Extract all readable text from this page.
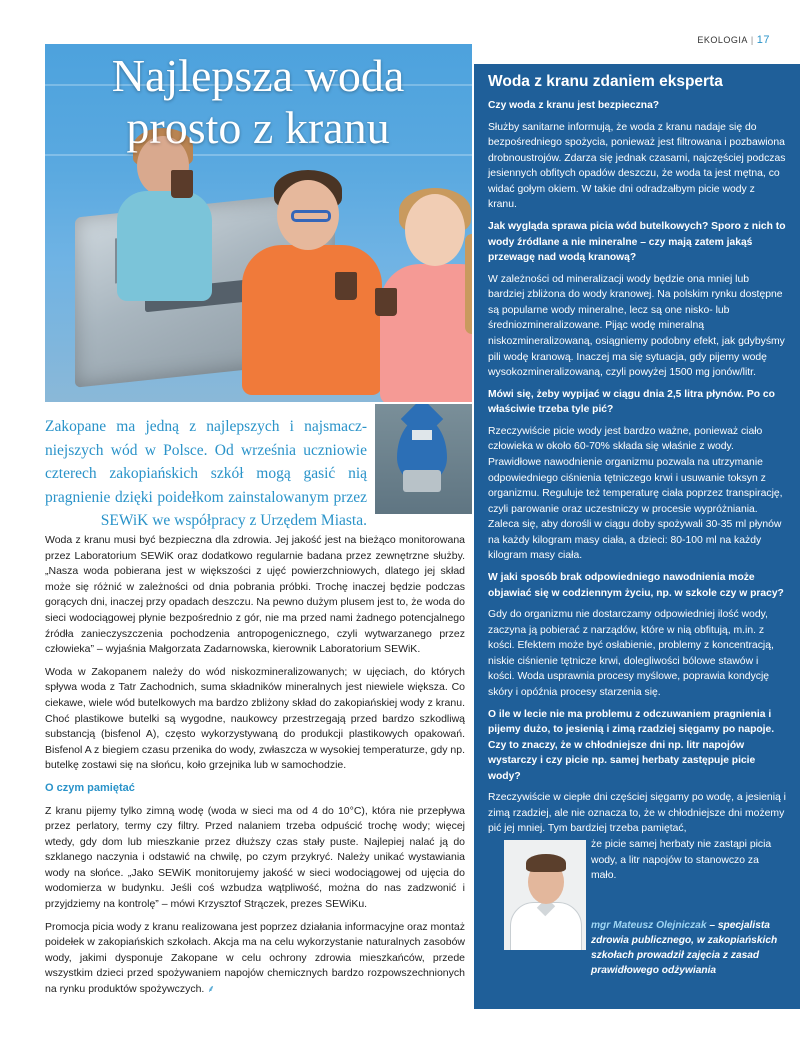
EKOLOGIA | 17
Najlepsza woda
prosto z kranu
Zakopane ma jedną z najlepszych i najsmacz-niejszych wód w Polsce. Od września uczniowie czterech zakopiańskich szkół mogą gasić nią pragnienie dzięki poidełkom zainstalowanym przez SEWiK we współpracy z Urzędem Miasta.

Woda z kranu musi być bezpieczna dla zdrowia. Jej jakość jest na bieżąco monitorowana przez Laboratorium SEWiK oraz dodatkowo regularnie badana przez zewnętrzne służby. „Nasza woda pobierana jest w większości z ujęć powierzchniowych, dlatego jej skład może się różnić w zależności od dnia pobrania próbki. Trochę inaczej będzie podczas gorących dni, inaczej przy opadach deszczu. Na pewno dużym plusem jest to, że woda do sieci wodociągowej płynie bezpośrednio z gór, nie ma przed nami żadnego potencjalnego źródła zanieczyszczenia pochodzenia antropogenicznego, czyli wytwarzanego przez człowieka” – wyjaśnia Małgorzata Zadarnowska, kierownik Laboratorium SEWiK.

Woda w Zakopanem należy do wód niskozmineralizowanych; w ujęciach, do których spływa woda z Tatr Zachodnich, suma składników mineralnych jest niewiele większa. Co ciekawe, wiele wód butelkowych ma bardzo zbliżony skład do zakopiańskiej wody z kranu. Choć plastikowe butelki są wygodne, naukowcy przestrzegają przed bardzo szkodliwą substancją (bisfenol A), często wykorzystywaną do produkcji plastikowych opakowań. Bisfenol A z biegiem czasu przenika do wody, zwłaszcza w wysokiej temperaturze, gdy np. butelkę zostawi się na słońcu, koło grzejnika lub w samochodzie.

O czym pamiętać

Z kranu pijemy tylko zimną wodę (woda w sieci ma od 4 do 10°C), która nie przepływa przez perlatory, termy czy filtry. Przed nalaniem trzeba odpuścić trochę wody; więcej wtedy, gdy dom lub mieszkanie przez dłuższy czas stały puste. Najlepiej nalać ją do szklanego naczynia i odstawić na chwilę, po czym przykryć. Należy unikać wystawiania wody na słońce. „Jako SEWiK monitorujemy jakość w sieci wodociągowej od ujęcia do wodomierza w budynku. Jeśli coś wzbudza wątpliwość, można do nas zadzwonić i przyjdziemy na kontrolę” – mówi Krzysztof Strączek, prezes SEWiKu.

Promocja picia wody z kranu realizowana jest poprzez działania informacyjne oraz montaż poidełek w zakopiańskich szkołach. Akcja ma na celu wykorzystanie naturalnych zasobów wody, jakimi dysponuje Zakopane w celu ochrony zdrowia mieszkańców, przede wszystkim dzieci przed spożywaniem napojów chemicznych bardzo rozpowszechnionych na rynku produktów spożywczych. ⸙

Woda z kranu zdaniem eksperta
Czy woda z kranu jest bezpieczna?
Służby sanitarne informują, że woda z kranu nadaje się do bezpośredniego spożycia, ponieważ jest filtrowana i pozbawiona drobnoustrojów. Zdarza się jednak czasami, najczęściej podczas jesiennych obfitych opadów deszczu, że woda ta jest mętna, co widać gołym okiem. W takie dni odradzałbym picie wody z kranu.
Jak wygląda sprawa picia wód butelkowych? Sporo z nich to wody źródlane a nie mineralne – czy mają zatem jakąś przewagę nad wodą kranową?
W zależności od mineralizacji wody będzie ona mniej lub bardziej zbliżona do wody kranowej. Na polskim rynku dostępne są popularne wody mineralne, lecz są one nisko- lub średniozmineralizowane. Pijąc wodę mineralną niskozmineralizowaną, osiągniemy podobny efekt, jak gdybyśmy pili wodę kranową. Inaczej ma się sytuacja, gdy pijemy wodę wysokozmineralizowaną, czyli powyżej 1500 mg jonów/litr.
Mówi się, żeby wypijać w ciągu dnia 2,5 litra płynów. Po co właściwie trzeba tyle pić?
Rzeczywiście picie wody jest bardzo ważne, ponieważ ciało człowieka w około 60-70% składa się właśnie z wody. Prawidłowe nawodnienie organizmu pozwala na utrzymanie odpowiedniego ciśnienia tętniczego krwi i usuwanie toksyn z organizmu. Reguluje też temperaturę ciała poprzez transpirację, czyli parowanie oraz uczestniczy w procesie wypróżniania. Zaleca się, aby dorośli w ciągu doby spożywali 30-35 ml płynów na każdy kilogram masy ciała, a dzieci: 80-100 ml na każdy kilogram masy ciała.
W jaki sposób brak odpowiedniego nawodnienia może objawiać się w codziennym życiu, np. w szkole czy w pracy?
Gdy do organizmu nie dostarczamy odpowiedniej ilość wody, zaczyna ją pobierać z narządów, które w nią obfitują, m.in. z kości. Efektem może być osłabienie, problemy z koncentracją, niskie ciśnienie tętnicze krwi, dolegliwości bólowe stawów i kości. Woda usprawnia procesy myślowe, poprawia kondycję skóry i opóźnia procesy starzenia się.
O ile w lecie nie ma problemu z odczuwaniem pragnienia i pijemy dużo, to jesienią i zimą rzadziej sięgamy po napoje. Czy to znaczy, że w chłodniejsze dni np. litr napojów wystarczy i czy picie np. samej herbaty zastępuje picie wody?
Rzeczywiście w ciepłe dni częściej sięgamy po wodę, a jesienią i zimą rzadziej, ale nie oznacza to, że w chłodniejsze dni możemy pić jej mniej. Tym bardziej trzeba pamiętać,
że picie samej herbaty nie zastąpi picia wody, a litr napojów to stanowczo za mało.
mgr Mateusz Olejniczak – specjalista zdrowia publicznego, w zakopiańskich szkołach prowadził zajęcia z zasad prawidłowego odżywiania
